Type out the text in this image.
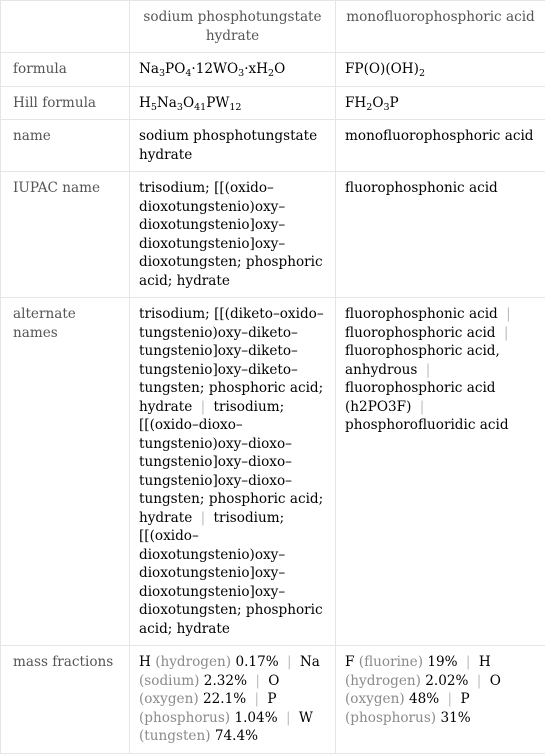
	sodium phosphotungstate hydrate	monofluorophosphoric acid
formula	$Na_3PO_4\cdot 12WO_3\cdot xH_2O$	$FP(O)(OH)_2$
Hill formula	$H_5Na_3O_{41}PW_{12}$	$FH_2O_3P$
name	sodium phosphotungstate hydrate	monofluorophosphoric acid
IUPAC name	trisodium; [[(oxido–dioxotungstenio)oxy–dioxotungstenio]oxy–dioxotungstenio]oxy–dioxotungsten; phosphoric acid; hydrate	fluorophosphonic acid
alternate names	trisodium; [[(diketo–oxido–tungstenio)oxy–diketo–tungstenio]oxy–diketo–tungstenio]oxy–diketo–tungsten; phosphoric acid; hydrate | trisodium; [[(oxido–dioxo–tungstenio)oxy–dioxo–tungstenio]oxy–dioxo–tungstenio]oxy–dioxo–tungsten; phosphoric acid; hydrate | trisodium; [[(oxido–dioxotungstenio)oxy–dioxotungstenio]oxy–dioxotungstenio]oxy–dioxotungsten; phosphoric acid; hydrate	fluorophosphonic acid | fluorophosphoric acid | fluorophosphoric acid, anhydrous | fluorophosphoric acid (h2PO3F) | phosphorofluoridic acid
mass fractions	H (hydrogen) 0.17% | Na (sodium) 2.32% | O (oxygen) 22.1% | P (phosphorus) 1.04% | W (tungsten) 74.4%	F (fluorine) 19% | H (hydrogen) 2.02% | O (oxygen) 48% | P (phosphorus) 31%
